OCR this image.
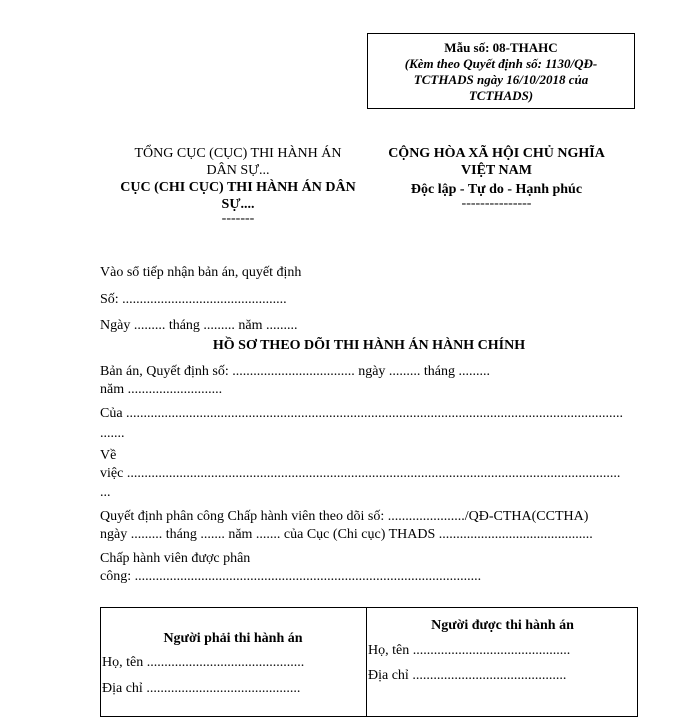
Mẫu số: 08-THAHC
(Kèm theo Quyết định số: 1130/QĐ-
TCTHADS ngày 16/10/2018 của
TCTHADS)
TỔNG CỤC (CỤC) THI HÀNH ÁN
DÂN SỰ...
CỤC (CHI CỤC) THI HÀNH ÁN DÂN
SỰ....
-------
CỘNG HÒA XÃ HỘI CHỦ NGHĨA
VIỆT NAM
Độc lập - Tự do - Hạnh phúc
---------------
Vào sổ tiếp nhận bản án, quyết định
Số: ...............................................
Ngày ......... tháng ......... năm .........
HỒ SƠ THEO DÕI THI HÀNH ÁN HÀNH CHÍNH
Bản án, Quyết định số: ................................... ngày ......... tháng .........
năm ...........................
Của ..............................................................................................................................................
.......
Về
việc .............................................................................................................................................
...
Quyết định phân công Chấp hành viên theo dõi số: ....................../QĐ-CTHA(CCTHA)
ngày ......... tháng ....... năm ....... của Cục (Chi cục) THADS ............................................
Chấp hành viên được phân
công: ...................................................................................................
Người phải thi hành án
Họ, tên .............................................
Địa chỉ ............................................
Người được thi hành án
Họ, tên .............................................
Địa chỉ ............................................
